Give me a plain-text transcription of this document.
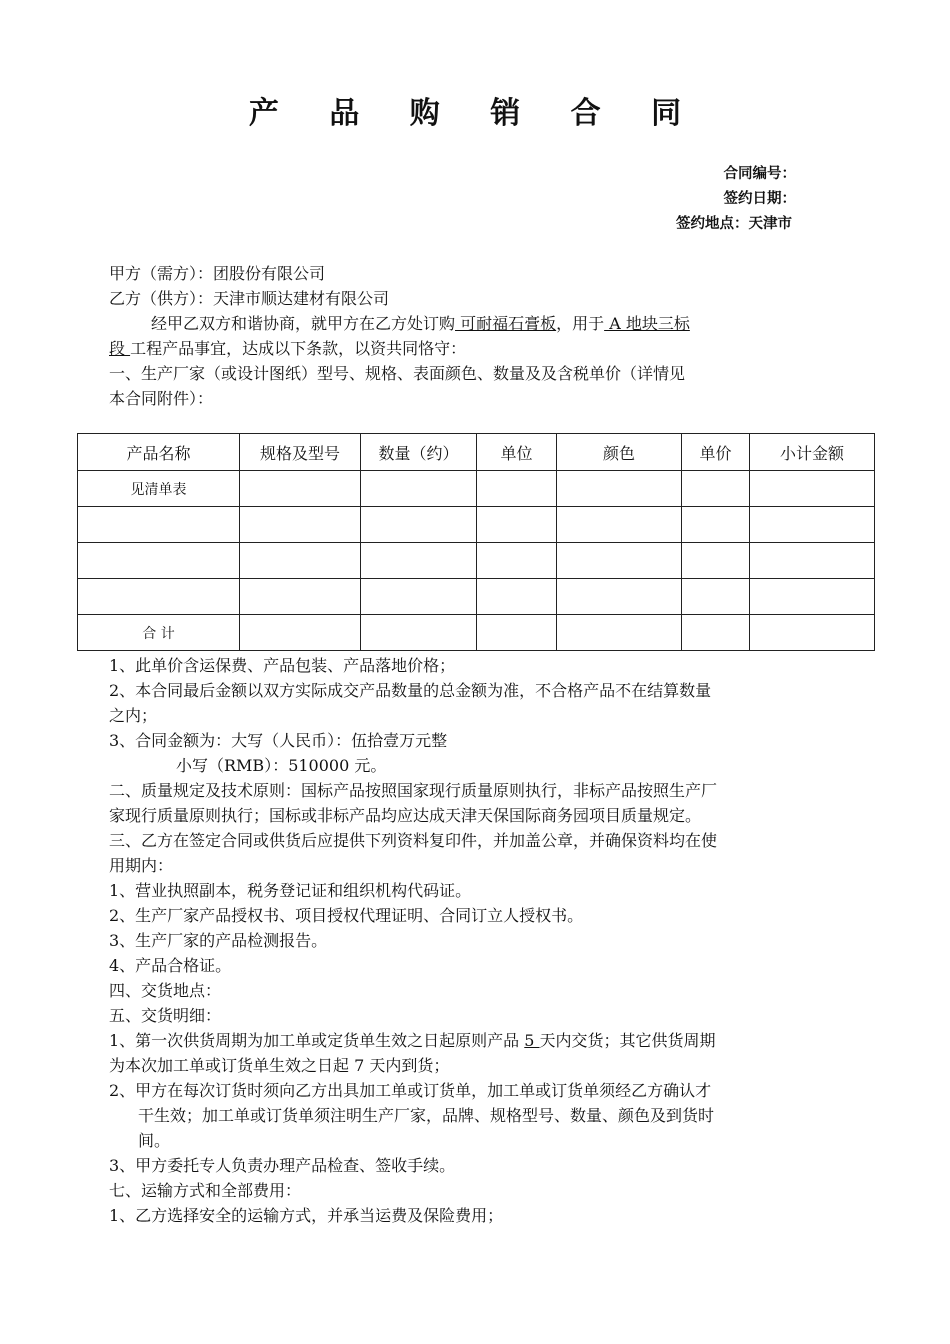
产 品 购 销 合 同
合同编号：
签约日期：
签约地点：天津市
甲方（需方）：团股份有限公司
乙方（供方）：天津市顺达建材有限公司
经甲乙双方和谐协商，就甲方在乙方处订购 可耐福石膏板，用于 A 地块三标
段 工程产品事宜，达成以下条款，以资共同恪守：
一、生产厂家（或设计图纸）型号、规格、表面颜色、数量及及含税单价（详情见
本合同附件）：
产品名称	规格及型号	数量（约）	单位	颜色	单价	小计金额
见清单表						

合 计						
1、此单价含运保费、产品包装、产品落地价格；
2、本合同最后金额以双方实际成交产品数量的总金额为准，不合格产品不在结算数量
之内；
3、合同金额为：大写（人民币）：伍拾壹万元整
小写（RMB）：510000 元。
二、质量规定及技术原则：国标产品按照国家现行质量原则执行，非标产品按照生产厂
家现行质量原则执行；国标或非标产品均应达成天津天保国际商务园项目质量规定。
三、乙方在签定合同或供货后应提供下列资料复印件，并加盖公章，并确保资料均在使
用期内：
1、营业执照副本，税务登记证和组织机构代码证。
2、生产厂家产品授权书、项目授权代理证明、合同订立人授权书。
3、生产厂家的产品检测报告。
4、产品合格证。
四、交货地点：
五、交货明细：
1、第一次供货周期为加工单或定货单生效之日起原则产品 5 天内交货；其它供货周期
为本次加工单或订货单生效之日起 7 天内到货；
2、甲方在每次订货时须向乙方出具加工单或订货单，加工单或订货单须经乙方确认才
干生效；加工单或订货单须注明生产厂家，品牌、规格型号、数量、颜色及到货时
间。
3、甲方委托专人负责办理产品检查、签收手续。
七、运输方式和全部费用：
1、乙方选择安全的运输方式，并承当运费及保险费用；
